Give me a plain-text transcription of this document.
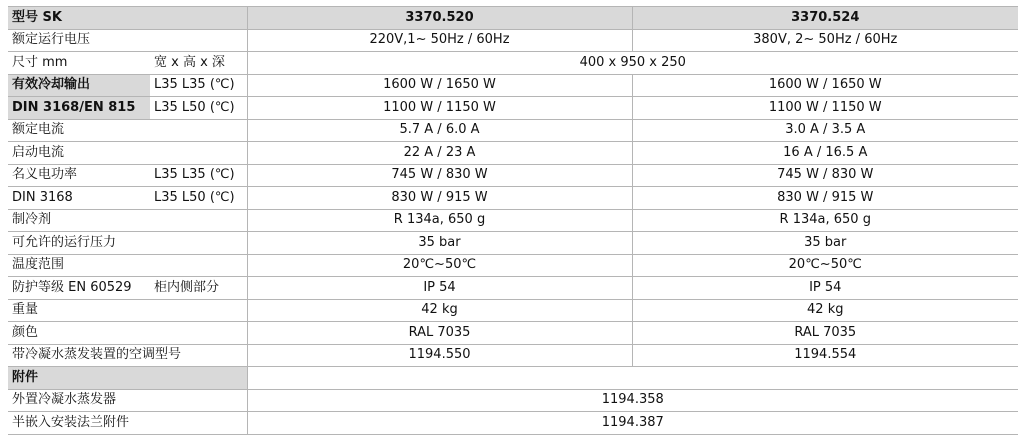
型号 SK		3370.520	3370.524
额定运行电压		220V,1~ 50Hz / 60Hz	380V, 2~ 50Hz / 60Hz
尺寸 mm	宽 x 高 x 深	400 x 950 x 250	
有效冷却输出	L35 L35 (℃)	1600 W / 1650 W	1600 W / 1650 W
DIN 3168/EN 815	L35 L50 (℃)	1100 W / 1150 W	1100 W / 1150 W
额定电流		5.7 A / 6.0 A	3.0 A / 3.5 A
启动电流		22 A / 23 A	16 A / 16.5 A
名义电功率	L35 L35 (℃)	745 W / 830 W	745 W / 830 W
DIN 3168	L35 L50 (℃)	830 W / 915 W	830 W / 915 W
制冷剂		R 134a, 650 g	R 134a, 650 g
可允许的运行压力		35 bar	35 bar
温度范围		20℃~50℃	20℃~50℃
防护等级 EN 60529	柜内侧部分	IP 54	IP 54
重量		42 kg	42 kg
颜色		RAL 7035	RAL 7035
带冷凝水蒸发装置的空调型号		1194.550	1194.554
附件			
外置冷凝水蒸发器		1194.358	
半嵌入安装法兰附件		1194.387	
